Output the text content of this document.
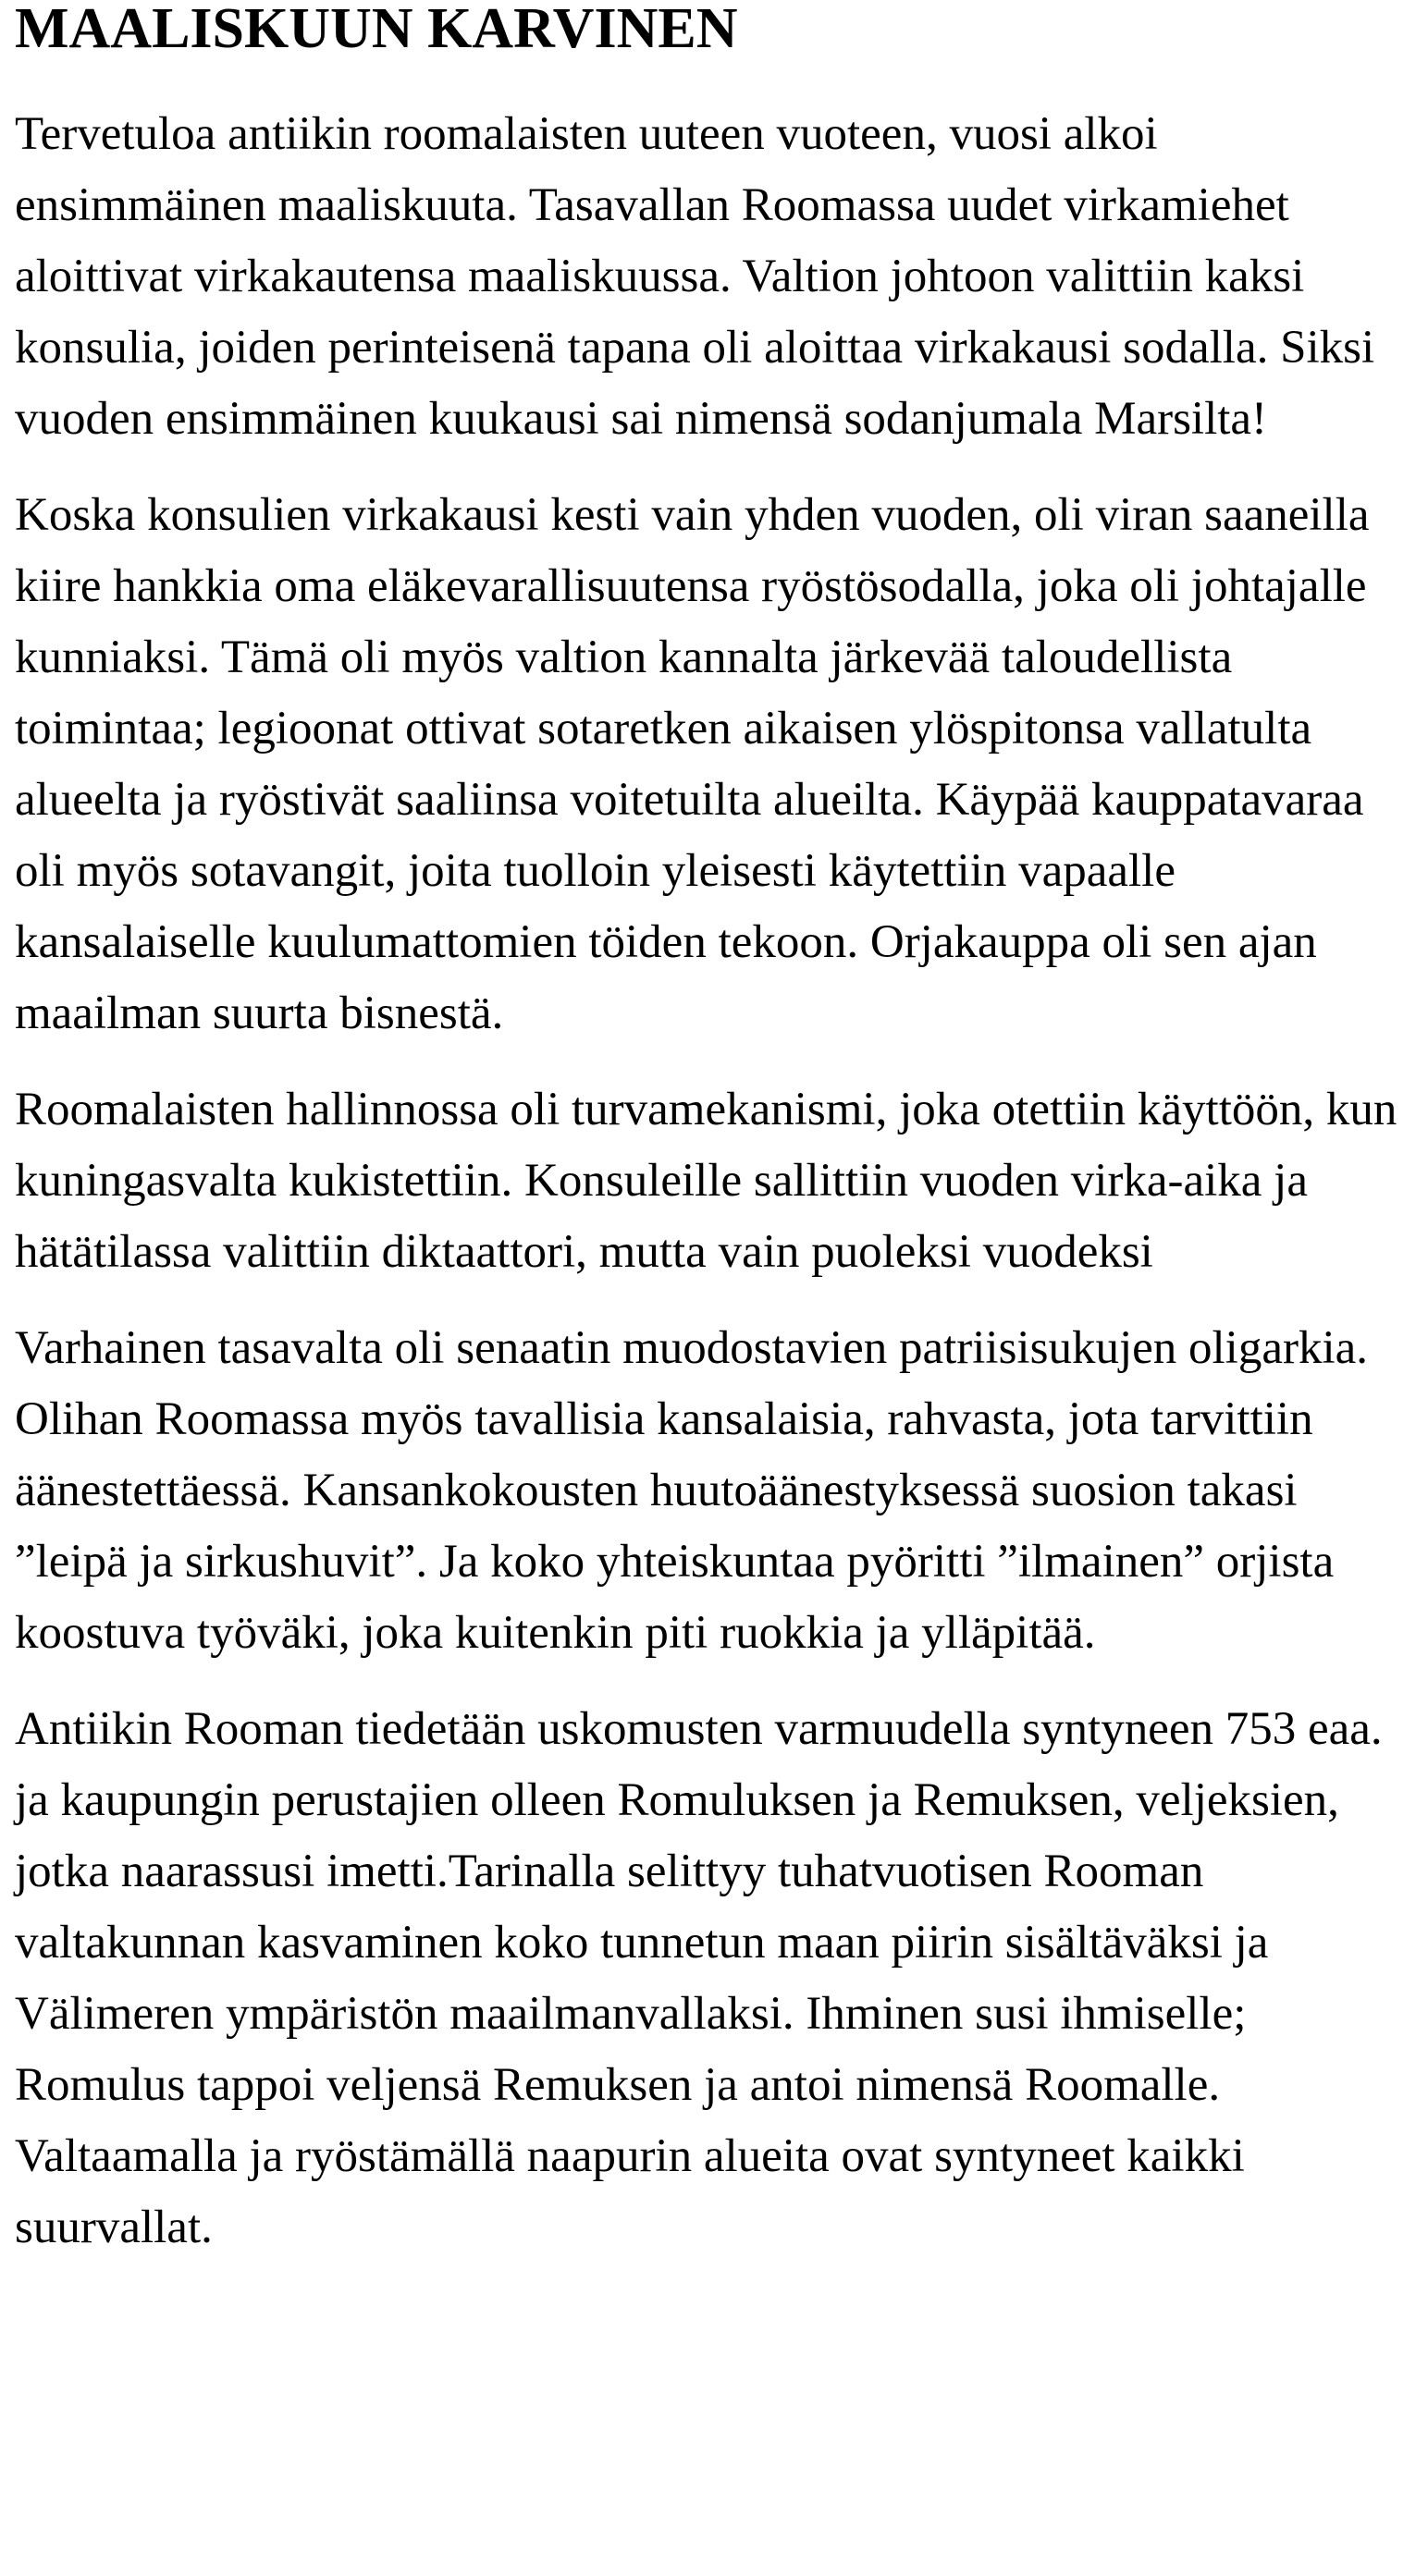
MAALISKUUN KARVINEN

Tervetuloa antiikin roomalaisten uuteen vuoteen, vuosi alkoi ensimmäinen maaliskuuta. Tasavallan Roomassa uudet virkamiehet aloittivat virkakautensa maaliskuussa. Valtion johtoon valittiin kaksi konsulia, joiden perinteisenä tapana oli aloittaa virkakausi sodalla. Siksi vuoden ensimmäinen kuukausi sai nimensä sodanjumala Marsilta!

Koska konsulien virkakausi kesti vain yhden vuoden, oli viran saaneilla kiire hankkia oma eläkevarallisuutensa ryöstösodalla, joka oli johtajalle kunniaksi. Tämä oli myös valtion kannalta järkevää taloudellista toimintaa; legioonat ottivat sotaretken aikaisen ylöspitonsa vallatulta alueelta ja ryöstivät saaliinsa voitetuilta alueilta. Käypää kauppatavaraa oli myös sotavangit, joita tuolloin yleisesti käytettiin vapaalle kansalaiselle kuulumattomien töiden tekoon. Orjakauppa oli sen ajan maailman suurta bisnestä.

Roomalaisten hallinnossa oli turvamekanismi, joka otettiin käyttöön, kun kuningasvalta kukistettiin. Konsuleille sallittiin vuoden virka-aika ja hätätilassa valittiin diktaattori, mutta vain puoleksi vuodeksi

Varhainen tasavalta oli senaatin muodostavien patriisisukujen oligarkia. Olihan Roomassa myös tavallisia kansalaisia, rahvasta, jota tarvittiin äänestettäessä. Kansankokousten huutoäänestyksessä suosion takasi ”leipä ja sirkushuvit”. Ja koko yhteiskuntaa pyöritti ”ilmainen” orjista koostuva työväki, joka kuitenkin piti ruokkia ja ylläpitää.

Antiikin Rooman tiedetään uskomusten varmuudella syntyneen 753 eaa. ja kaupungin perustajien olleen Romuluksen ja Remuksen, veljeksien, jotka naarassusi imetti.Tarinalla selittyy tuhatvuotisen Rooman valtakunnan kasvaminen koko tunnetun maan piirin sisältäväksi ja Välimeren ympäristön maailmanvallaksi. Ihminen susi ihmiselle; Romulus tappoi veljensä Remuksen ja antoi nimensä Roomalle. Valtaamalla ja ryöstämällä naapurin alueita ovat syntyneet kaikki suurvallat.
